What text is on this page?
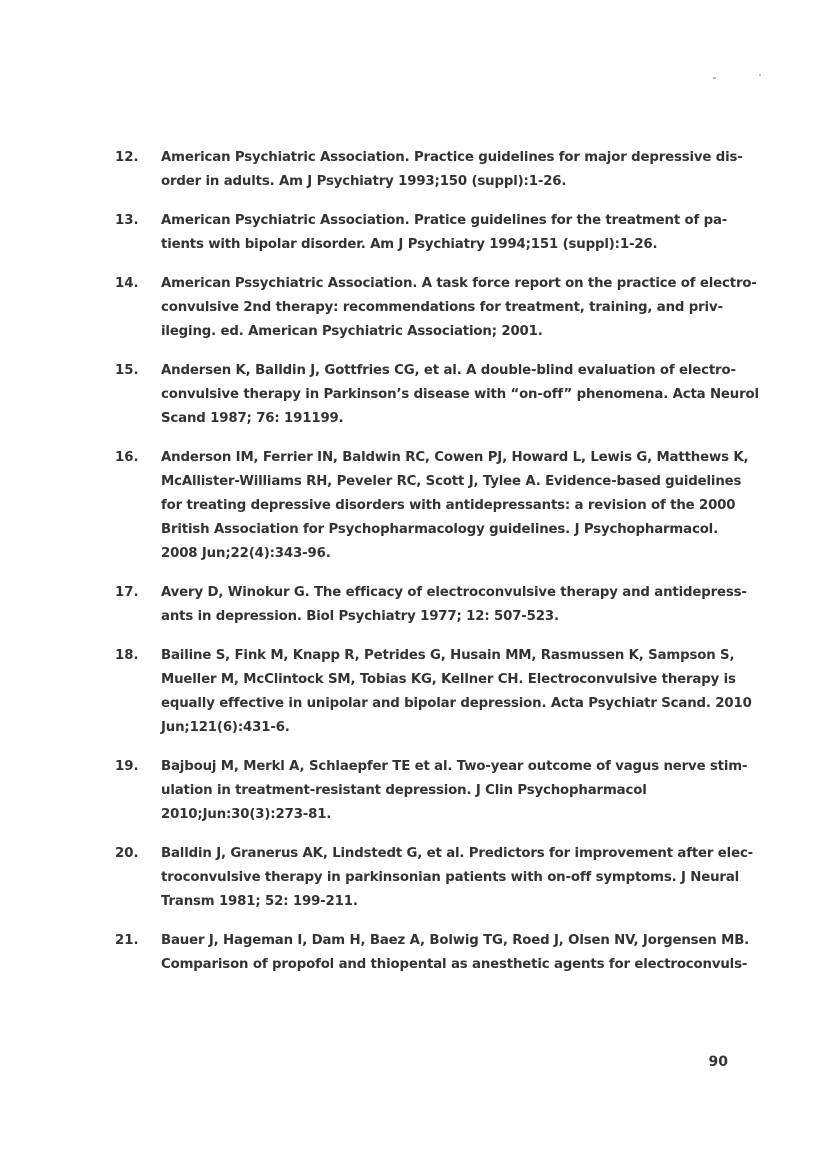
12.	American Psychiatric Association. Practice guidelines for major depressive dis-
order in adults. Am J Psychiatry 1993;150 (suppl):1-26.
13.	American Psychiatric Association. Pratice guidelines for the treatment of pa-
tients with bipolar disorder. Am J Psychiatry 1994;151 (suppl):1-26.
14.	American Pssychiatric Association. A task force report on the practice of electro-
convulsive 2nd therapy: recommendations for treatment, training, and priv-
ileging. ed. American Psychiatric Association; 2001.
15.	Andersen K, Balldin J, Gottfries CG, et al. A double-blind evaluation of electro-
convulsive therapy in Parkinson’s disease with “on-off” phenomena. Acta Neurol
Scand 1987; 76: 191199.
16.	Anderson IM, Ferrier IN, Baldwin RC, Cowen PJ, Howard L, Lewis G, Matthews K,
McAllister-Williams RH, Peveler RC, Scott J, Tylee A. Evidence-based guidelines
for treating depressive disorders with antidepressants: a revision of the 2000
British Association for Psychopharmacology guidelines. J Psychopharmacol.
2008 Jun;22(4):343-96.
17.	Avery D, Winokur G. The efficacy of electroconvulsive therapy and antidepress-
ants in depression. Biol Psychiatry 1977; 12: 507-523.
18.	Bailine S, Fink M, Knapp R, Petrides G, Husain MM, Rasmussen K, Sampson S,
Mueller M, McClintock SM, Tobias KG, Kellner CH. Electroconvulsive therapy is
equally effective in unipolar and bipolar depression. Acta Psychiatr Scand. 2010
Jun;121(6):431-6.
19.	Bajbouj M, Merkl A, Schlaepfer TE et al. Two-year outcome of vagus nerve stim-
ulation in treatment-resistant depression. J Clin Psychopharmacol
2010;Jun:30(3):273-81.
20.	Balldin J, Granerus AK, Lindstedt G, et al. Predictors for improvement after elec-
troconvulsive therapy in parkinsonian patients with on-off symptoms. J Neural
Transm 1981; 52: 199-211.
21.	Bauer J, Hageman I, Dam H, Baez A, Bolwig TG, Roed J, Olsen NV, Jorgensen MB.
Comparison of propofol and thiopental as anesthetic agents for electroconvuls-
90
